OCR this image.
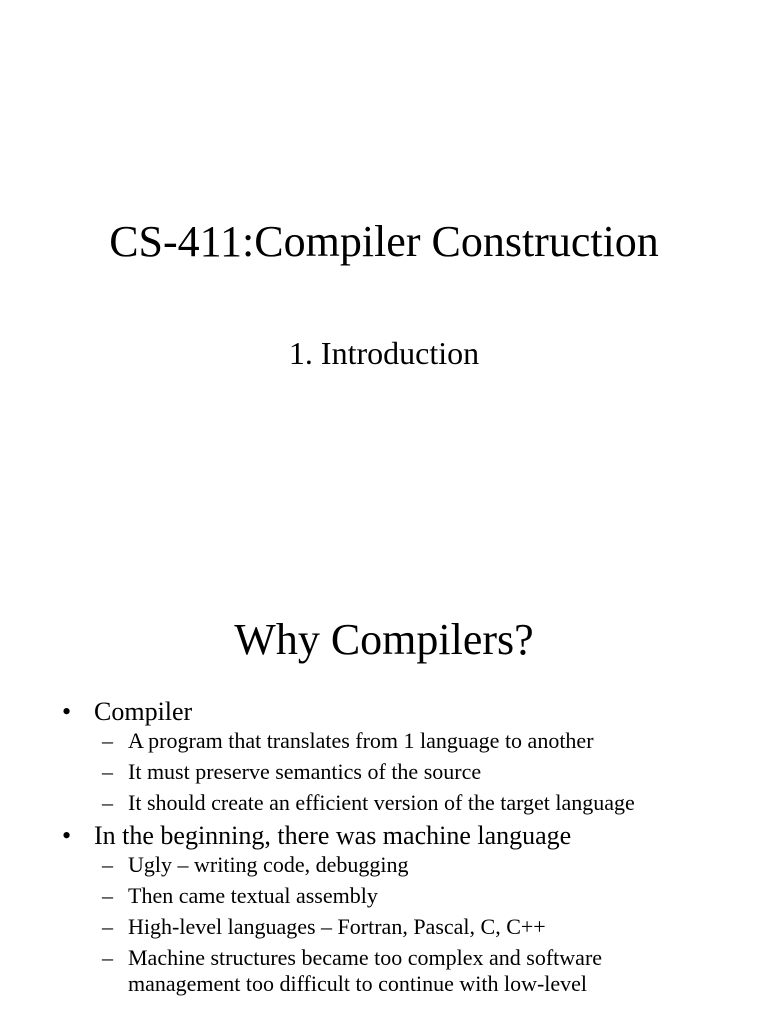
CS-411:Compiler Construction
1. Introduction
Why Compilers?
• Compiler
– A program that translates from 1 language to another
– It must preserve semantics of the source
– It should create an efficient version of the target language
• In the beginning, there was machine language
– Ugly – writing code, debugging
– Then came textual assembly
– High-level languages – Fortran, Pascal, C, C++
– Machine structures became too complex and software management too difficult to continue with low-level
